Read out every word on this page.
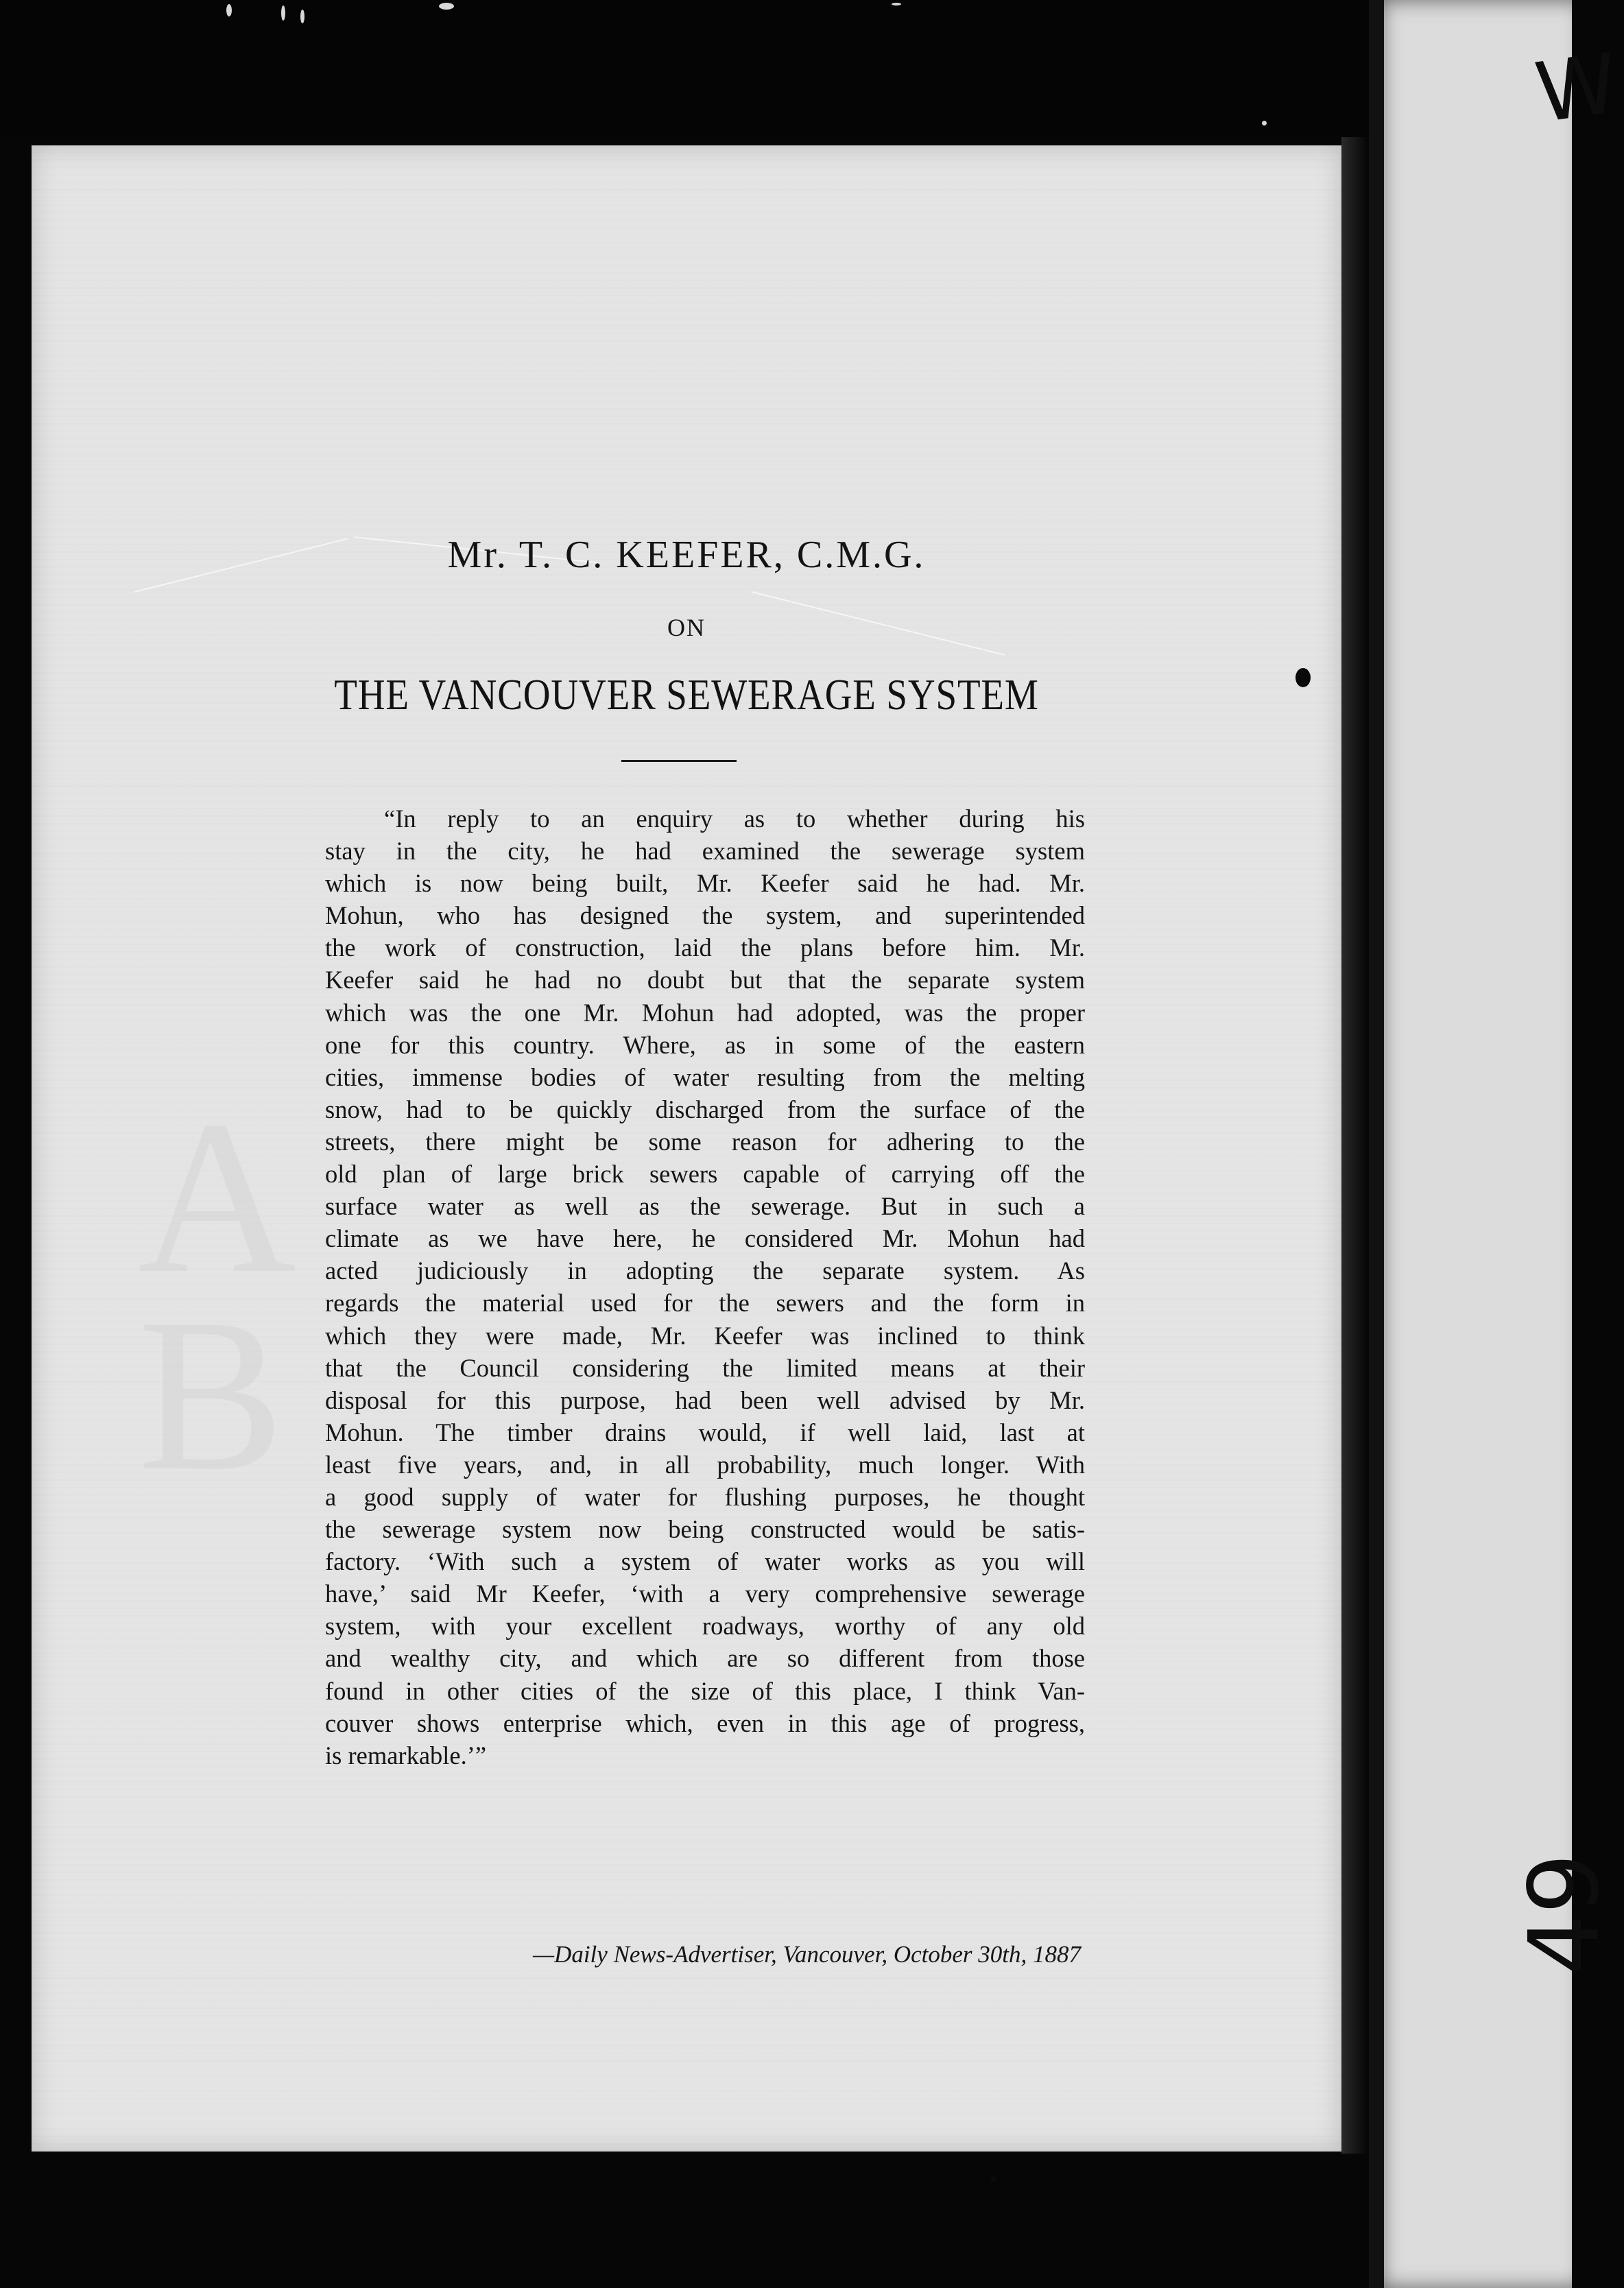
W
49

Mr. T. C. KEEFER, C.M.G.
ON
THE VANCOUVER SEWERAGE SYSTEM
“In reply to an enquiry as to whether during his
stay in the city, he had examined the sewerage system
which is now being built, Mr. Keefer said he had. Mr.
Mohun, who has designed the system, and superintended
the work of construction, laid the plans before him. Mr.
Keefer said he had no doubt but that the separate system
which was the one Mr. Mohun had adopted, was the proper
one for this country. Where, as in some of the eastern
cities, immense bodies of water resulting from the melting
snow, had to be quickly discharged from the surface of the
streets, there might be some reason for adhering to the
old plan of large brick sewers capable of carrying off the
surface water as well as the sewerage. But in such a
climate as we have here, he considered Mr. Mohun had
acted judiciously in adopting the separate system. As
regards the material used for the sewers and the form in
which they were made, Mr. Keefer was inclined to think
that the Council considering the limited means at their
disposal for this purpose, had been well advised by Mr.
Mohun. The timber drains would, if well laid, last at
least five years, and, in all probability, much longer. With
a good supply of water for flushing purposes, he thought
the sewerage system now being constructed would be satis-
factory. ‘With such a system of water works as you will
have,’ said Mr Keefer, ‘with a very comprehensive sewerage
system, with your excellent roadways, worthy of any old
and wealthy city, and which are so different from those
found in other cities of the size of this place, I think Van-
couver shows enterprise which, even in this age of progress,
is remarkable.’”
—Daily News-Advertiser, Vancouver, October 30th, 1887
